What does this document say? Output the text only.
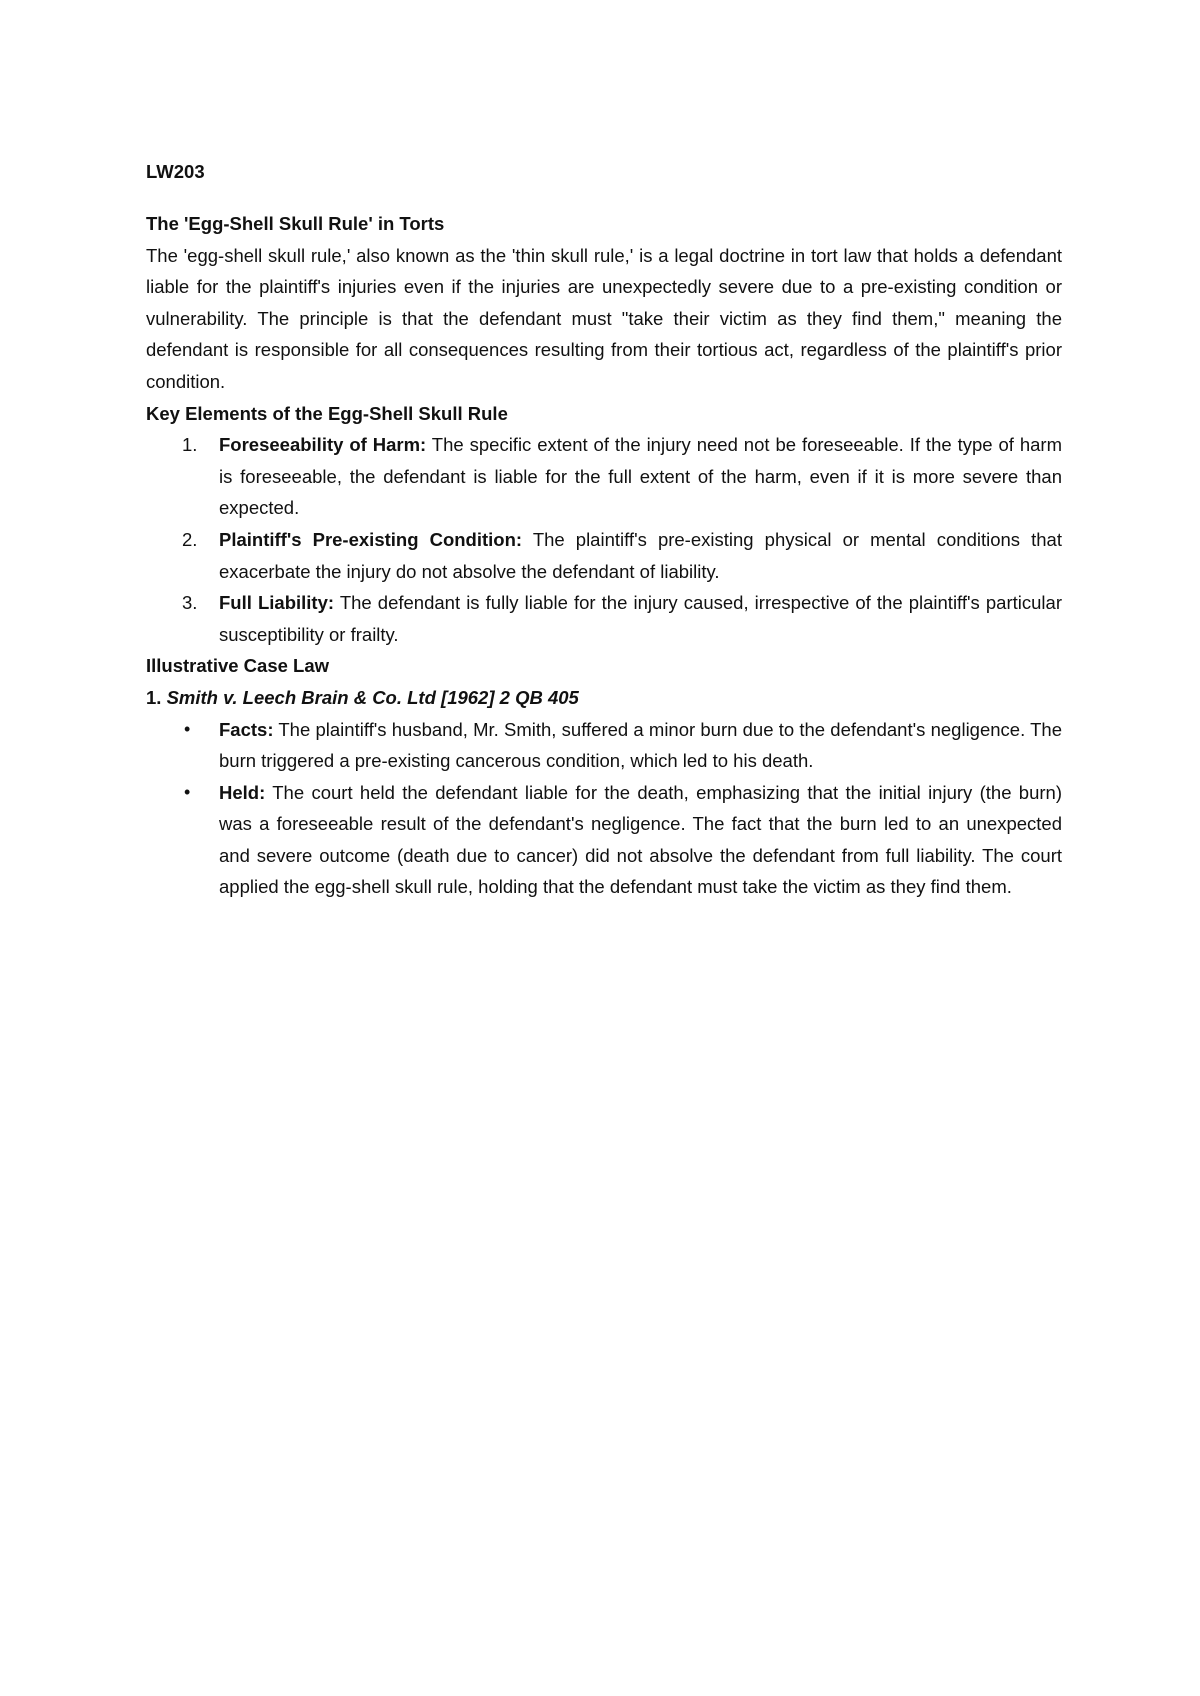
LW203
The 'Egg-Shell Skull Rule' in Torts

The 'egg-shell skull rule,' also known as the 'thin skull rule,' is a legal doctrine in tort law that holds a defendant liable for the plaintiff's injuries even if the injuries are unexpectedly severe due to a pre-existing condition or vulnerability. The principle is that the defendant must "take their victim as they find them," meaning the defendant is responsible for all consequences resulting from their tortious act, regardless of the plaintiff's prior condition.

Key Elements of the Egg-Shell Skull Rule
1. Foreseeability of Harm: The specific extent of the injury need not be foreseeable. If the type of harm is foreseeable, the defendant is liable for the full extent of the harm, even if it is more severe than expected.
2. Plaintiff's Pre-existing Condition: The plaintiff's pre-existing physical or mental conditions that exacerbate the injury do not absolve the defendant of liability.
3. Full Liability: The defendant is fully liable for the injury caused, irrespective of the plaintiff's particular susceptibility or frailty.
Illustrative Case Law
1. Smith v. Leech Brain & Co. Ltd [1962] 2 QB 405
• Facts: The plaintiff's husband, Mr. Smith, suffered a minor burn due to the defendant's negligence. The burn triggered a pre-existing cancerous condition, which led to his death.
• Held: The court held the defendant liable for the death, emphasizing that the initial injury (the burn) was a foreseeable result of the defendant's negligence. The fact that the burn led to an unexpected and severe outcome (death due to cancer) did not absolve the defendant from full liability. The court applied the egg-shell skull rule, holding that the defendant must take the victim as they find them.
